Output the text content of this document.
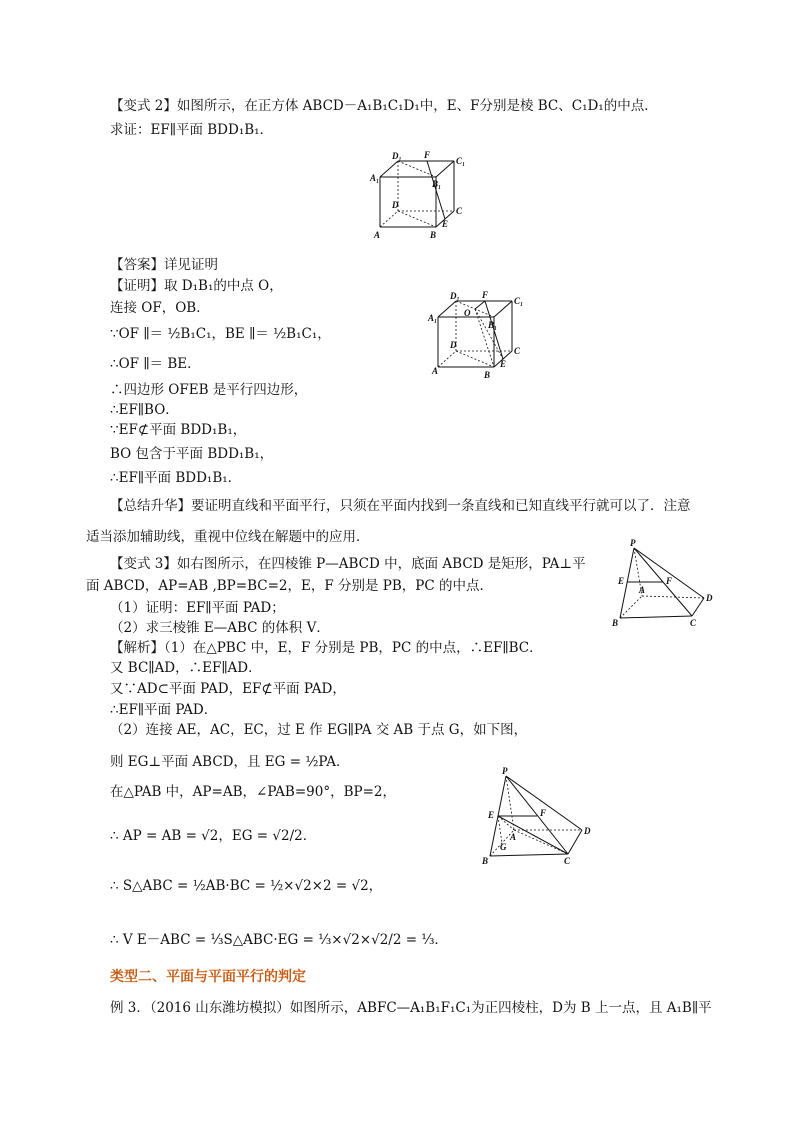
【变式 2】如图所示，在正方体 ABCD－A₁B₁C₁D₁中，E、F分别是棱 BC、C₁D₁的中点．
求证：EF∥平面 BDD₁B₁．
D₁ F
C₁
A₁
B₁
D
C
E
A	B
【答案】详见证明
【证明】取 D₁B₁的中点 O，
连接 OF，OB．
∵OF ∥＝ ½B₁C₁，BE ∥＝ ½B₁C₁，
∴OF ∥＝ BE．
∴四边形 OFEB 是平行四边形，
∴EF∥BO．
∵EF⊄平面 BDD₁B₁，
BO 包含于平面 BDD₁B₁，
∴EF∥平面 BDD₁B₁．
D₁ F
C₁
A₁	O
B₁
D
C
E
A	B
【总结升华】要证明直线和平面平行，只须在平面内找到一条直线和已知直线平行就可以了．注意
适当添加辅助线，重视中位线在解题中的应用．
【变式 3】如右图所示，在四棱锥 P—ABCD 中，底面 ABCD 是矩形，PA⊥平
面 ABCD，AP=AB ,BP=BC=2，E，F 分别是 PB，PC 的中点．
（1）证明：EF∥平面 PAD；
（2）求三棱锥 E—ABC 的体积 V．
P
E	F
A
D
B	C
【解析】（1）在△PBC 中，E，F 分别是 PB，PC 的中点，∴EF∥BC．
又 BC∥AD，∴EF∥AD．
又∵AD⊂平面 PAD，EF⊄平面 PAD，
∴EF∥平面 PAD．
（2）连接 AE，AC，EC，过 E 作 EG∥PA 交 AB 于点 G，如下图，
则 EG⊥平面 ABCD，且 EG = ½PA．
在△PAB 中，AP=AB，∠PAB=90°，BP=2，
∴ AP = AB = √2，EG = √2/2．
∴ S△ABC = ½AB·BC = ½×√2×2 = √2，
∴ V E－ABC = ⅓S△ABC·EG = ⅓×√2×√2/2 = ⅓．
P
E	F
D
A
G
B	C
类型二、平面与平面平行的判定
例 3．（2016 山东潍坊模拟）如图所示，ABFC—A₁B₁F₁C₁为正四棱柱，D为 B 上一点，且 A₁B∥平
